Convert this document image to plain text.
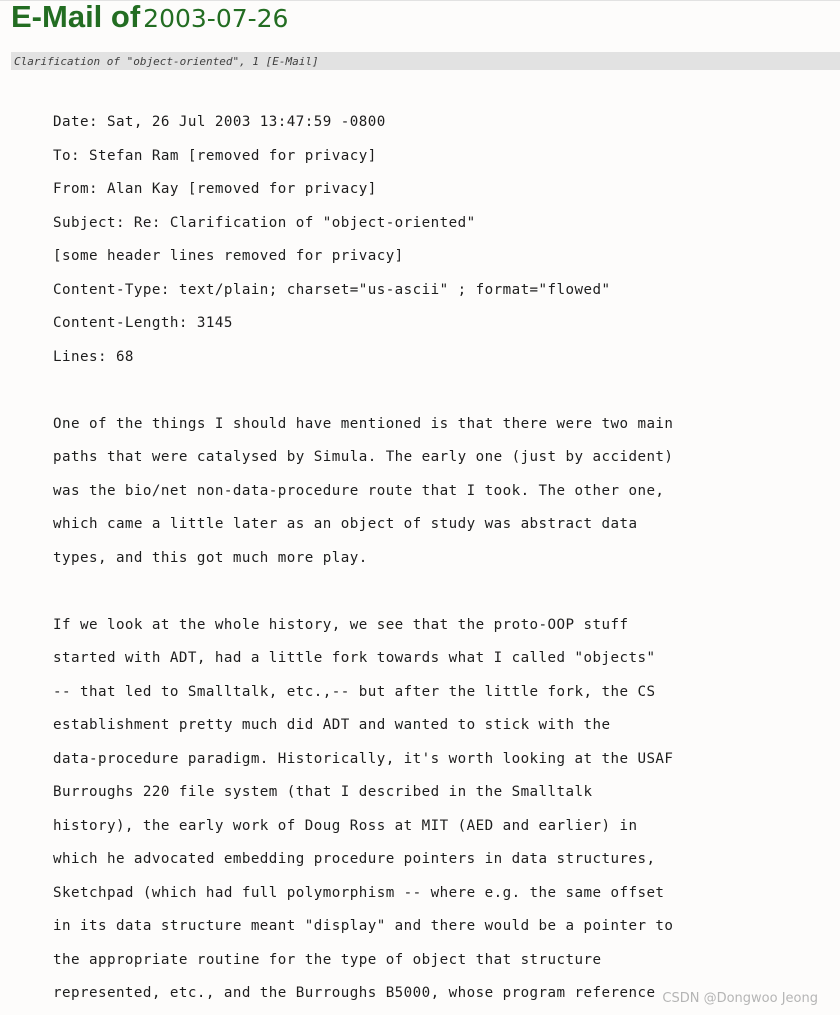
E-Mail of 2003-07-26
Clarification of "object-oriented", 1 [E-Mail]
Date: Sat, 26 Jul 2003 13:47:59 -0800
To: Stefan Ram [removed for privacy]
From: Alan Kay [removed for privacy]
Subject: Re: Clarification of "object-oriented"
[some header lines removed for privacy]
Content-Type: text/plain; charset="us-ascii" ; format="flowed"
Content-Length: 3145
Lines: 68
One of the things I should have mentioned is that there were two main
paths that were catalysed by Simula. The early one (just by accident)
was the bio/net non-data-procedure route that I took. The other one,
which came a little later as an object of study was abstract data
types, and this got much more play.
If we look at the whole history, we see that the proto-OOP stuff
started with ADT, had a little fork towards what I called "objects"
-- that led to Smalltalk, etc.,-- but after the little fork, the CS
establishment pretty much did ADT and wanted to stick with the
data-procedure paradigm. Historically, it's worth looking at the USAF
Burroughs 220 file system (that I described in the Smalltalk
history), the early work of Doug Ross at MIT (AED and earlier) in
which he advocated embedding procedure pointers in data structures,
Sketchpad (which had full polymorphism -- where e.g. the same offset
in its data structure meant "display" and there would be a pointer to
the appropriate routine for the type of object that structure
represented, etc., and the Burroughs B5000, whose program reference CSDN @Dongwoo Jeong
